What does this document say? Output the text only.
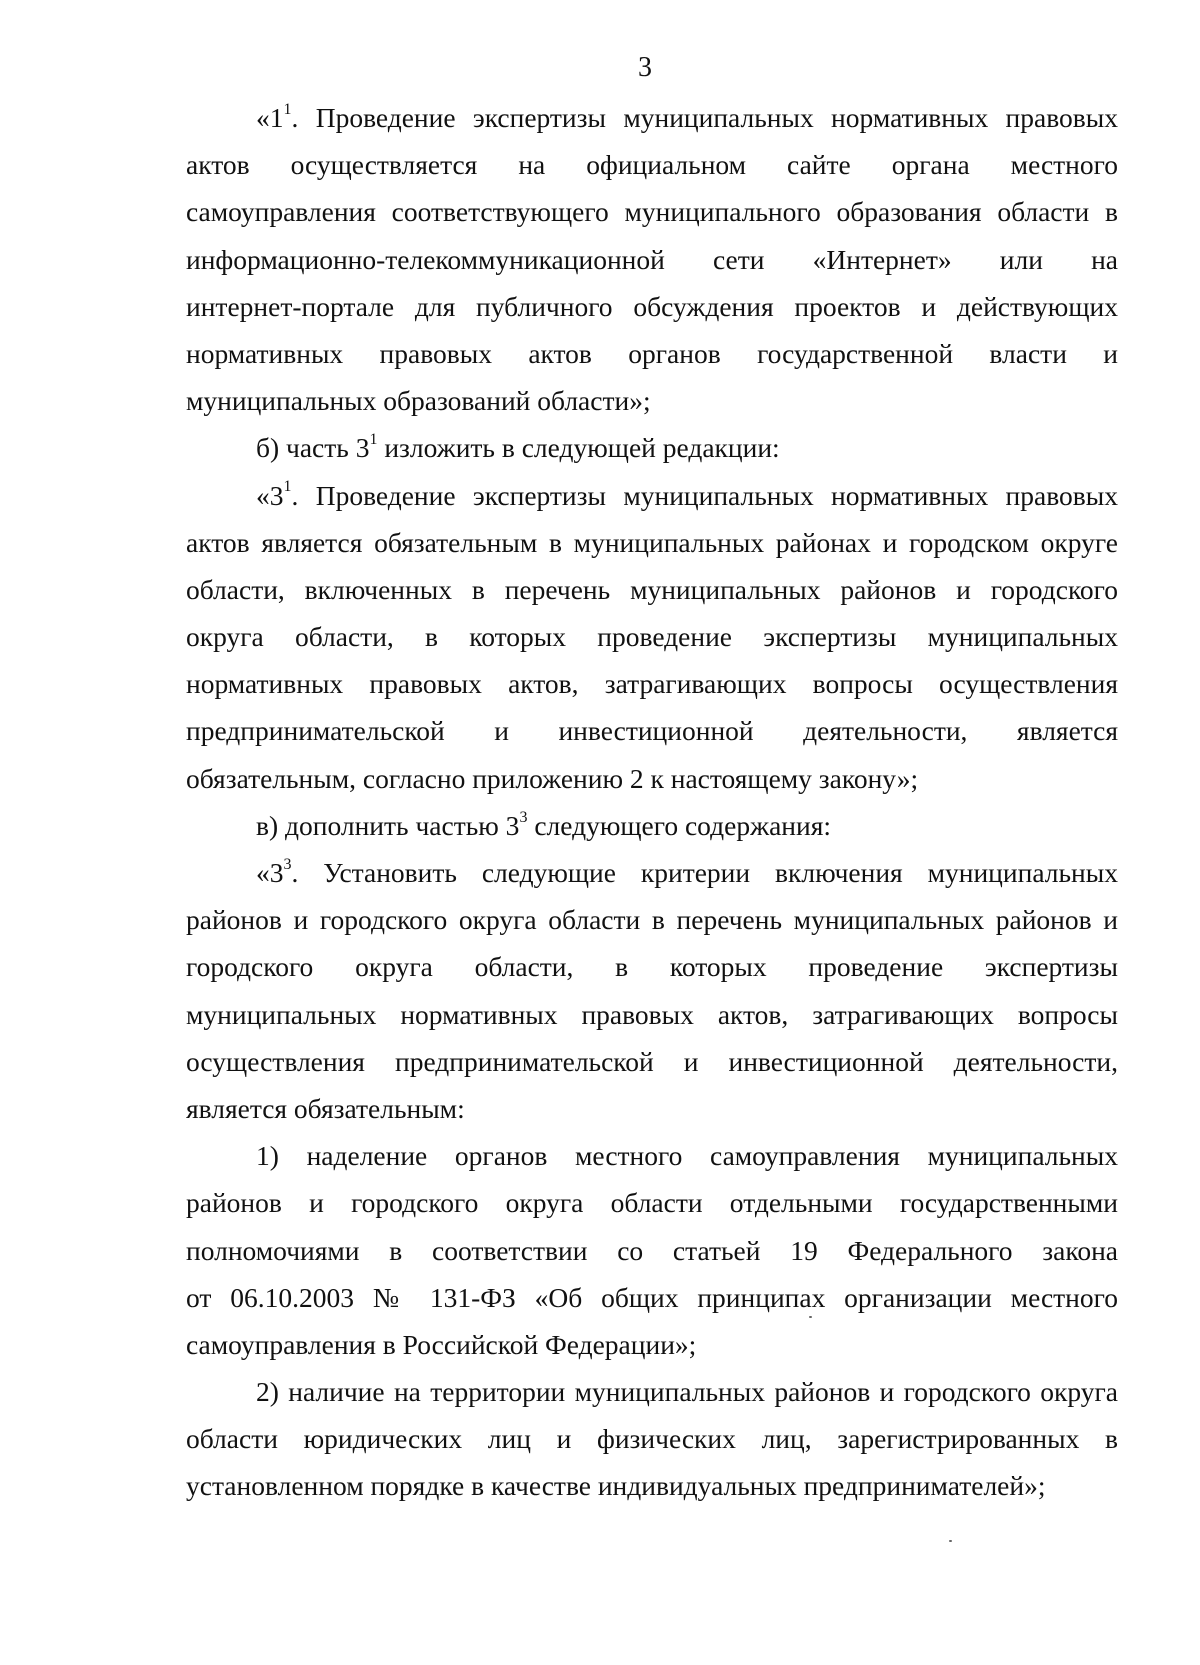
3
«$1^1$. Проведение экспертизы муниципальных нормативных правовых
актов осуществляется на официальном сайте органа местного
самоуправления соответствующего муниципального образования области в
информационно-телекоммуникационной сети «Интернет» или на
интернет-портале для публичного обсуждения проектов и действующих
нормативных правовых актов органов государственной власти и
муниципальных образований области»;
б) часть $3^1$ изложить в следующей редакции:
«$3^1$. Проведение экспертизы муниципальных нормативных правовых
актов является обязательным в муниципальных районах и городском округе
области, включенных в перечень муниципальных районов и городского
округа области, в которых проведение экспертизы муниципальных
нормативных правовых актов, затрагивающих вопросы осуществления
предпринимательской и инвестиционной деятельности, является
обязательным, согласно приложению 2 к настоящему закону»;
в) дополнить частью $3^3$ следующего содержания:
«$3^3$. Установить следующие критерии включения муниципальных
районов и городского округа области в перечень муниципальных районов и
городского округа области, в которых проведение экспертизы
муниципальных нормативных правовых актов, затрагивающих вопросы
осуществления предпринимательской и инвестиционной деятельности,
является обязательным:
1) наделение органов местного самоуправления муниципальных
районов и городского округа области отдельными государственными
полномочиями в соответствии со статьей 19 Федерального закона
от 06.10.2003 № 131-ФЗ «Об общих принципах организации местного
самоуправления в Российской Федерации»;
2) наличие на территории муниципальных районов и городского округа
области юридических лиц и физических лиц, зарегистрированных в
установленном порядке в качестве индивидуальных предпринимателей»;
